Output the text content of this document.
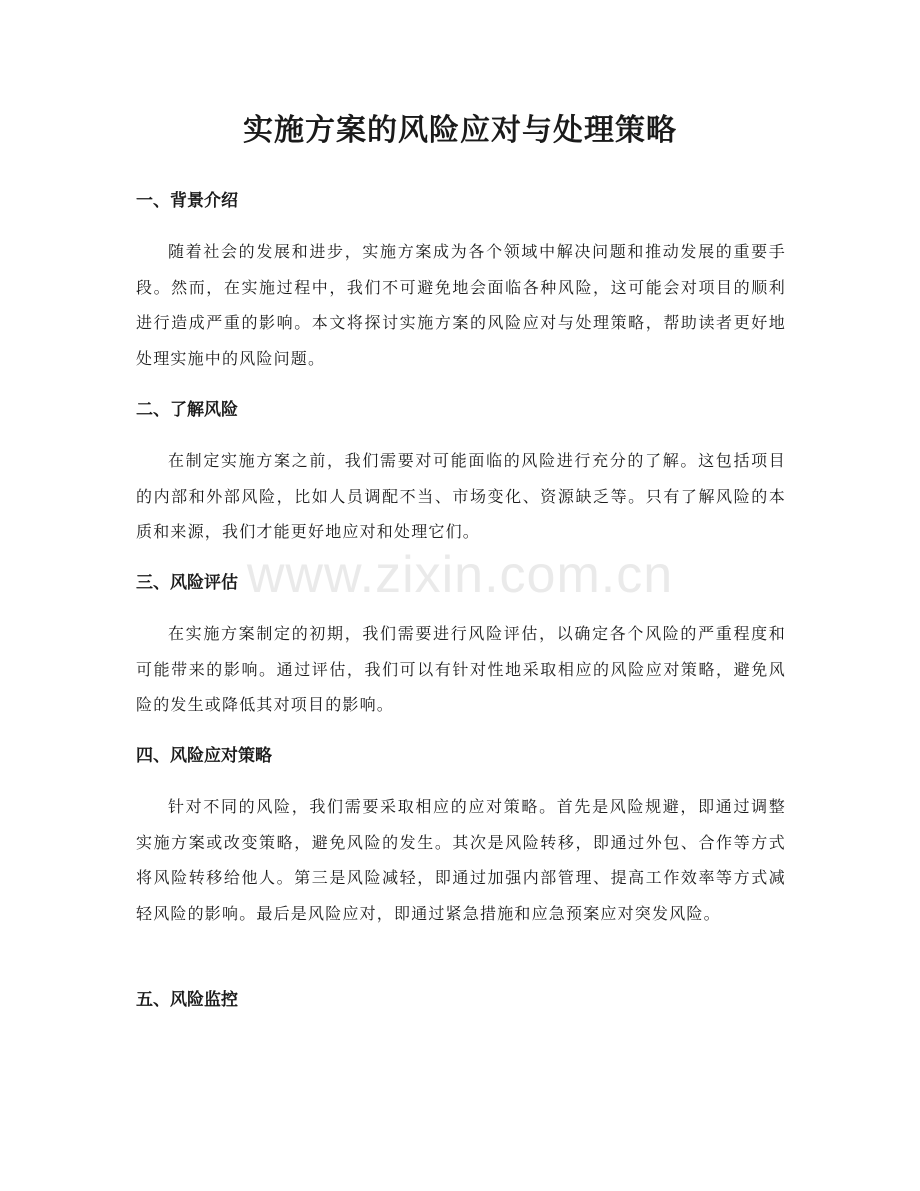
实施方案的风险应对与处理策略
一、背景介绍

随着社会的发展和进步，实施方案成为各个领域中解决问题和推动发展的重要手段。然而，在实施过程中，我们不可避免地会面临各种风险，这可能会对项目的顺利进行造成严重的影响。本文将探讨实施方案的风险应对与处理策略，帮助读者更好地处理实施中的风险问题。

二、了解风险

在制定实施方案之前，我们需要对可能面临的风险进行充分的了解。这包括项目的内部和外部风险，比如人员调配不当、市场变化、资源缺乏等。只有了解风险的本质和来源，我们才能更好地应对和处理它们。

三、风险评估

在实施方案制定的初期，我们需要进行风险评估，以确定各个风险的严重程度和可能带来的影响。通过评估，我们可以有针对性地采取相应的风险应对策略，避免风险的发生或降低其对项目的影响。

四、风险应对策略

针对不同的风险，我们需要采取相应的应对策略。首先是风险规避，即通过调整实施方案或改变策略，避免风险的发生。其次是风险转移，即通过外包、合作等方式将风险转移给他人。第三是风险减轻，即通过加强内部管理、提高工作效率等方式减轻风险的影响。最后是风险应对，即通过紧急措施和应急预案应对突发风险。

五、风险监控
www.zixin.com.cn
